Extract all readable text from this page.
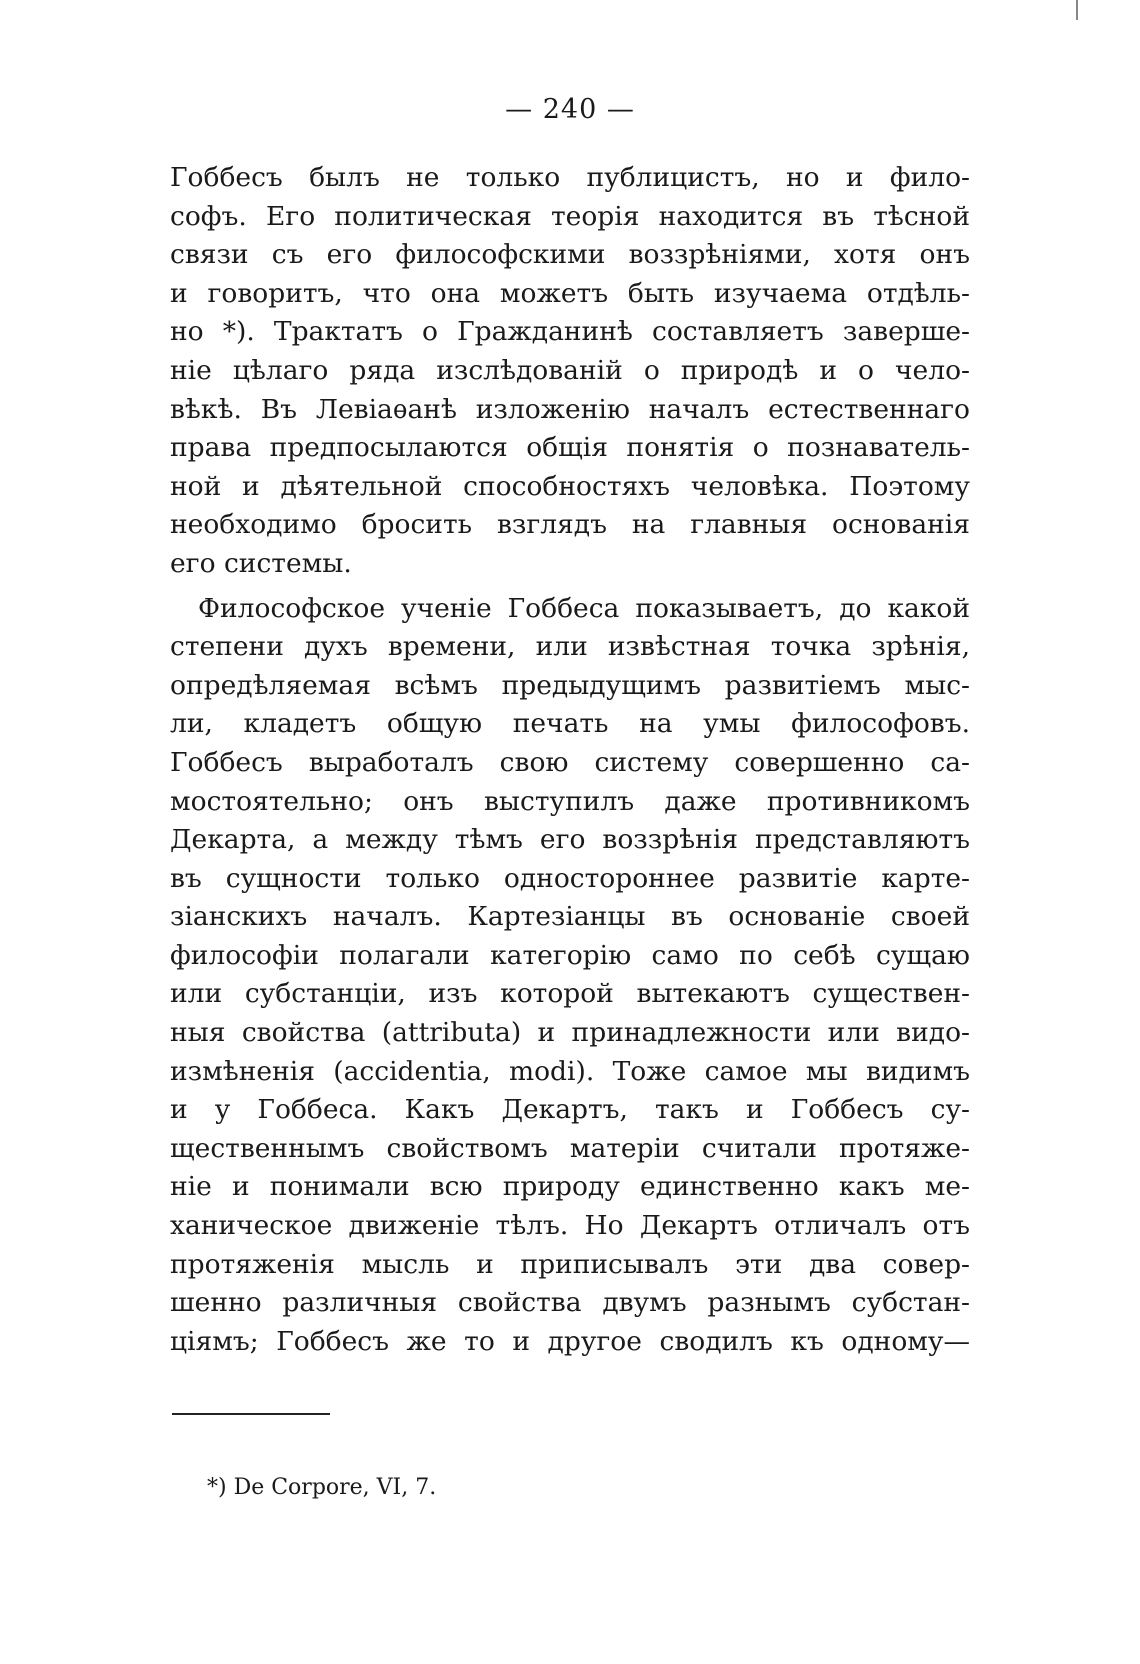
— 240 —

Гоббесъ былъ не только публицистъ, но и фило-
софъ. Его политическая теорія находится въ тѣсной
связи съ его философскими воззрѣніями, хотя онъ
и говоритъ, что она можетъ быть изучаема отдѣль-
но *). Трактатъ о Гражданинѣ составляетъ заверше-
ніе цѣлаго ряда изслѣдованій о природѣ и о чело-
вѣкѣ. Въ Левіаѳанѣ изложенію началъ естественнаго
права предпосылаются общія понятія о познаватель-
ной и дѣятельной способностяхъ человѣка. Поэтому
необходимо бросить взглядъ на главныя основанія
его системы.

Философское ученіе Гоббеса показываетъ, до какой
степени духъ времени, или извѣстная точка зрѣнія,
опредѣляемая всѣмъ предыдущимъ развитіемъ мыс-
ли, кладетъ общую печать на умы философовъ.
Гоббесъ выработалъ свою систему совершенно са-
мостоятельно; онъ выступилъ даже противникомъ
Декарта, а между тѣмъ его воззрѣнія представляютъ
въ сущности только одностороннее развитіе карте-
зіанскихъ началъ. Картезіанцы въ основаніе своей
философіи полагали категорію само по себѣ сущаю
или субстанціи, изъ которой вытекаютъ существен-
ныя свойства (attributa) и принадлежности или видо-
измѣненія (accidentia, modi). Тоже самое мы видимъ
и у Гоббеса. Какъ Декартъ, такъ и Гоббесъ су-
щественнымъ свойствомъ матеріи считали протяже-
ніе и понимали всю природу единственно какъ ме-
ханическое движеніе тѣлъ. Но Декартъ отличалъ отъ
протяженія мысль и приписывалъ эти два совер-
шенно различныя свойства двумъ разнымъ субстан-
ціямъ; Гоббесъ же то и другое сводилъ къ одному—

*) De Corpore, VI, 7.
